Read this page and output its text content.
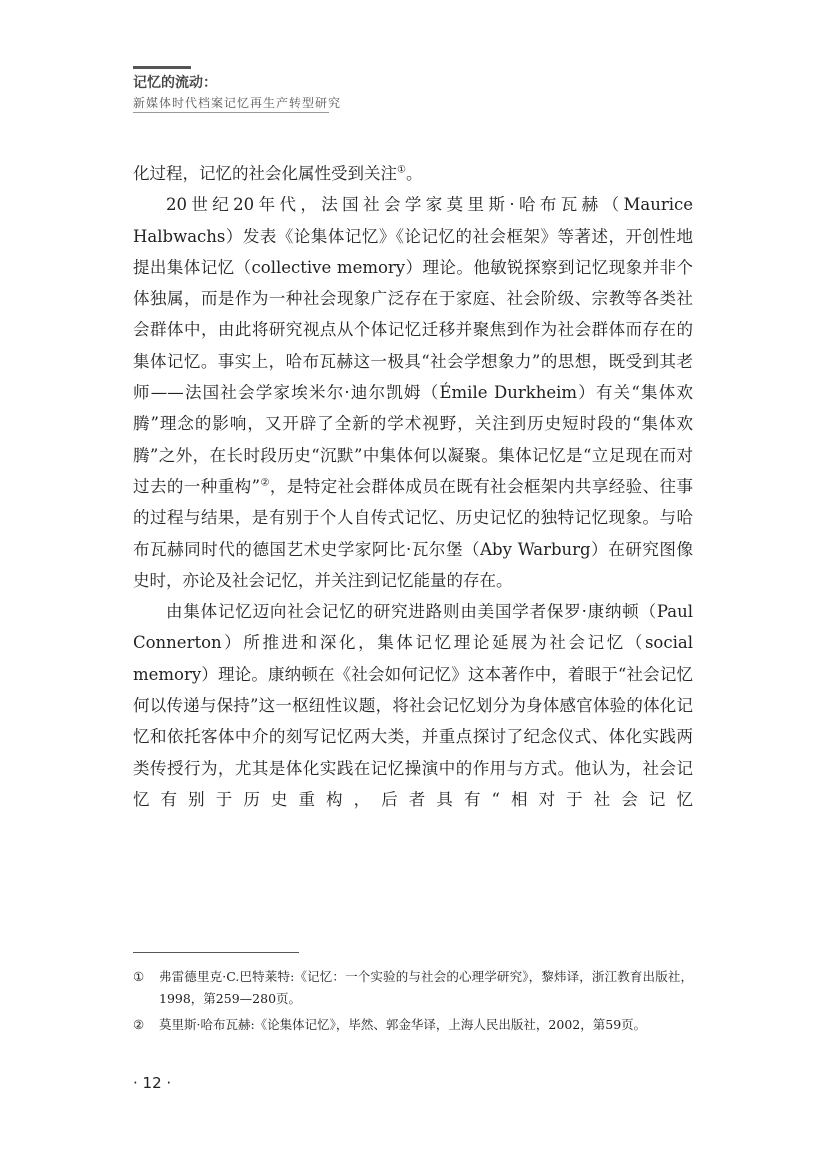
记忆的流动：
新媒体时代档案记忆再生产转型研究

化过程，记忆的社会化属性受到关注①。

20世纪20年代，法国社会学家莫里斯·哈布瓦赫（Maurice Halbwachs）发表《论集体记忆》《论记忆的社会框架》等著述，开创性地提出集体记忆（collective memory）理论。他敏锐探察到记忆现象并非个体独属，而是作为一种社会现象广泛存在于家庭、社会阶级、宗教等各类社会群体中，由此将研究视点从个体记忆迁移并聚焦到作为社会群体而存在的集体记忆。事实上，哈布瓦赫这一极具“社会学想象力”的思想，既受到其老师——法国社会学家埃米尔·迪尔凯姆（Émile Durkheim）有关“集体欢腾”理念的影响，又开辟了全新的学术视野，关注到历史短时段的“集体欢腾”之外，在长时段历史“沉默”中集体何以凝聚。集体记忆是“立足现在而对过去的一种重构”②，是特定社会群体成员在既有社会框架内共享经验、往事的过程与结果，是有别于个人自传式记忆、历史记忆的独特记忆现象。与哈布瓦赫同时代的德国艺术史学家阿比·瓦尔堡（Aby Warburg）在研究图像史时，亦论及社会记忆，并关注到记忆能量的存在。

由集体记忆迈向社会记忆的研究进路则由美国学者保罗·康纳顿（Paul Connerton）所推进和深化，集体记忆理论延展为社会记忆（social memory）理论。康纳顿在《社会如何记忆》这本著作中，着眼于“社会记忆何以传递与保持”这一枢纽性议题，将社会记忆划分为身体感官体验的体化记忆和依托客体中介的刻写记忆两大类，并重点探讨了纪念仪式、体化实践两类传授行为，尤其是体化实践在记忆操演中的作用与方式。他认为，社会记忆有别于历史重构，后者具有“相对于社会记忆

① 弗雷德里克·C.巴特莱特:《记忆：一个实验的与社会的心理学研究》，黎炜译，浙江教育出版社，1998，第259—280页。
② 莫里斯·哈布瓦赫:《论集体记忆》，毕然、郭金华译，上海人民出版社，2002，第59页。
· 12 ·
